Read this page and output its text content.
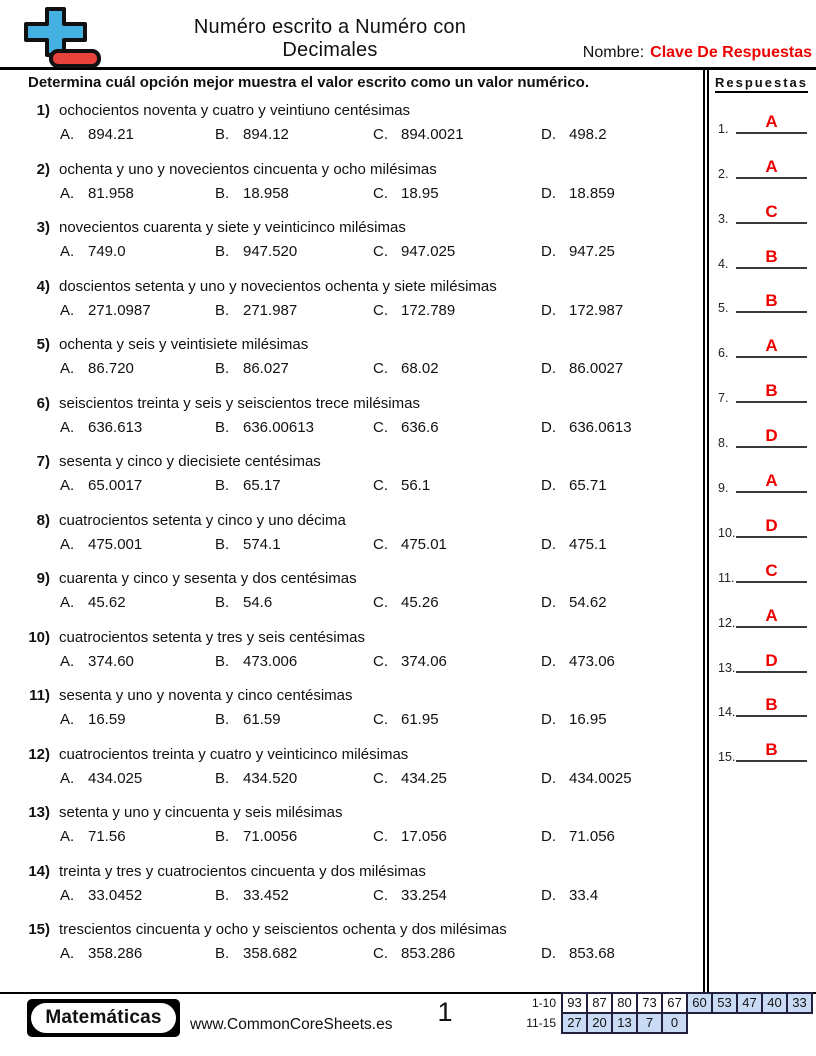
Numéro escrito a Numéro con Decimales	Nombre: Clave De Respuestas
Determina cuál opción mejor muestra el valor escrito como un valor numérico.
1) ochocientos noventa y cuatro y veintiuno centésimas
A. 894.21	B. 894.12	C. 894.0021	D. 498.2
2) ochenta y uno y novecientos cincuenta y ocho milésimas
A. 81.958	B. 18.958	C. 18.95	D. 18.859
3) novecientos cuarenta y siete y veinticinco milésimas
A. 749.0	B. 947.520	C. 947.025	D. 947.25
4) doscientos setenta y uno y novecientos ochenta y siete milésimas
A. 271.0987	B. 271.987	C. 172.789	D. 172.987
5) ochenta y seis y veintisiete milésimas
A. 86.720	B. 86.027	C. 68.02	D. 86.0027
6) seiscientos treinta y seis y seiscientos trece milésimas
A. 636.613	B. 636.00613	C. 636.6	D. 636.0613
7) sesenta y cinco y diecisiete centésimas
A. 65.0017	B. 65.17	C. 56.1	D. 65.71
8) cuatrocientos setenta y cinco y uno décima
A. 475.001	B. 574.1	C. 475.01	D. 475.1
9) cuarenta y cinco y sesenta y dos centésimas
A. 45.62	B. 54.6	C. 45.26	D. 54.62
10) cuatrocientos setenta y tres y seis centésimas
A. 374.60	B. 473.006	C. 374.06	D. 473.06
11) sesenta y uno y noventa y cinco centésimas
A. 16.59	B. 61.59	C. 61.95	D. 16.95
12) cuatrocientos treinta y cuatro y veinticinco milésimas
A. 434.025	B. 434.520	C. 434.25	D. 434.0025
13) setenta y uno y cincuenta y seis milésimas
A. 71.56	B. 71.0056	C. 17.056	D. 71.056
14) treinta y tres y cuatrocientos cincuenta y dos milésimas
A. 33.0452	B. 33.452	C. 33.254	D. 33.4
15) trescientos cincuenta y ocho y seiscientos ochenta y dos milésimas
A. 358.286	B. 358.682	C. 853.286	D. 853.68
Respuestas
1.	A
2.	A
3.	C
4.	B
5.	B
6.	A
7.	B
8.	D
9.	A
10.	D
11.	C
12.	A
13.	D
14.	B
15.	B
Matemáticas www.CommonCoreSheets.es	1	1-10 93 87 80 73 67 60 53 47 40 33
11-15 27 20 13	7	0
